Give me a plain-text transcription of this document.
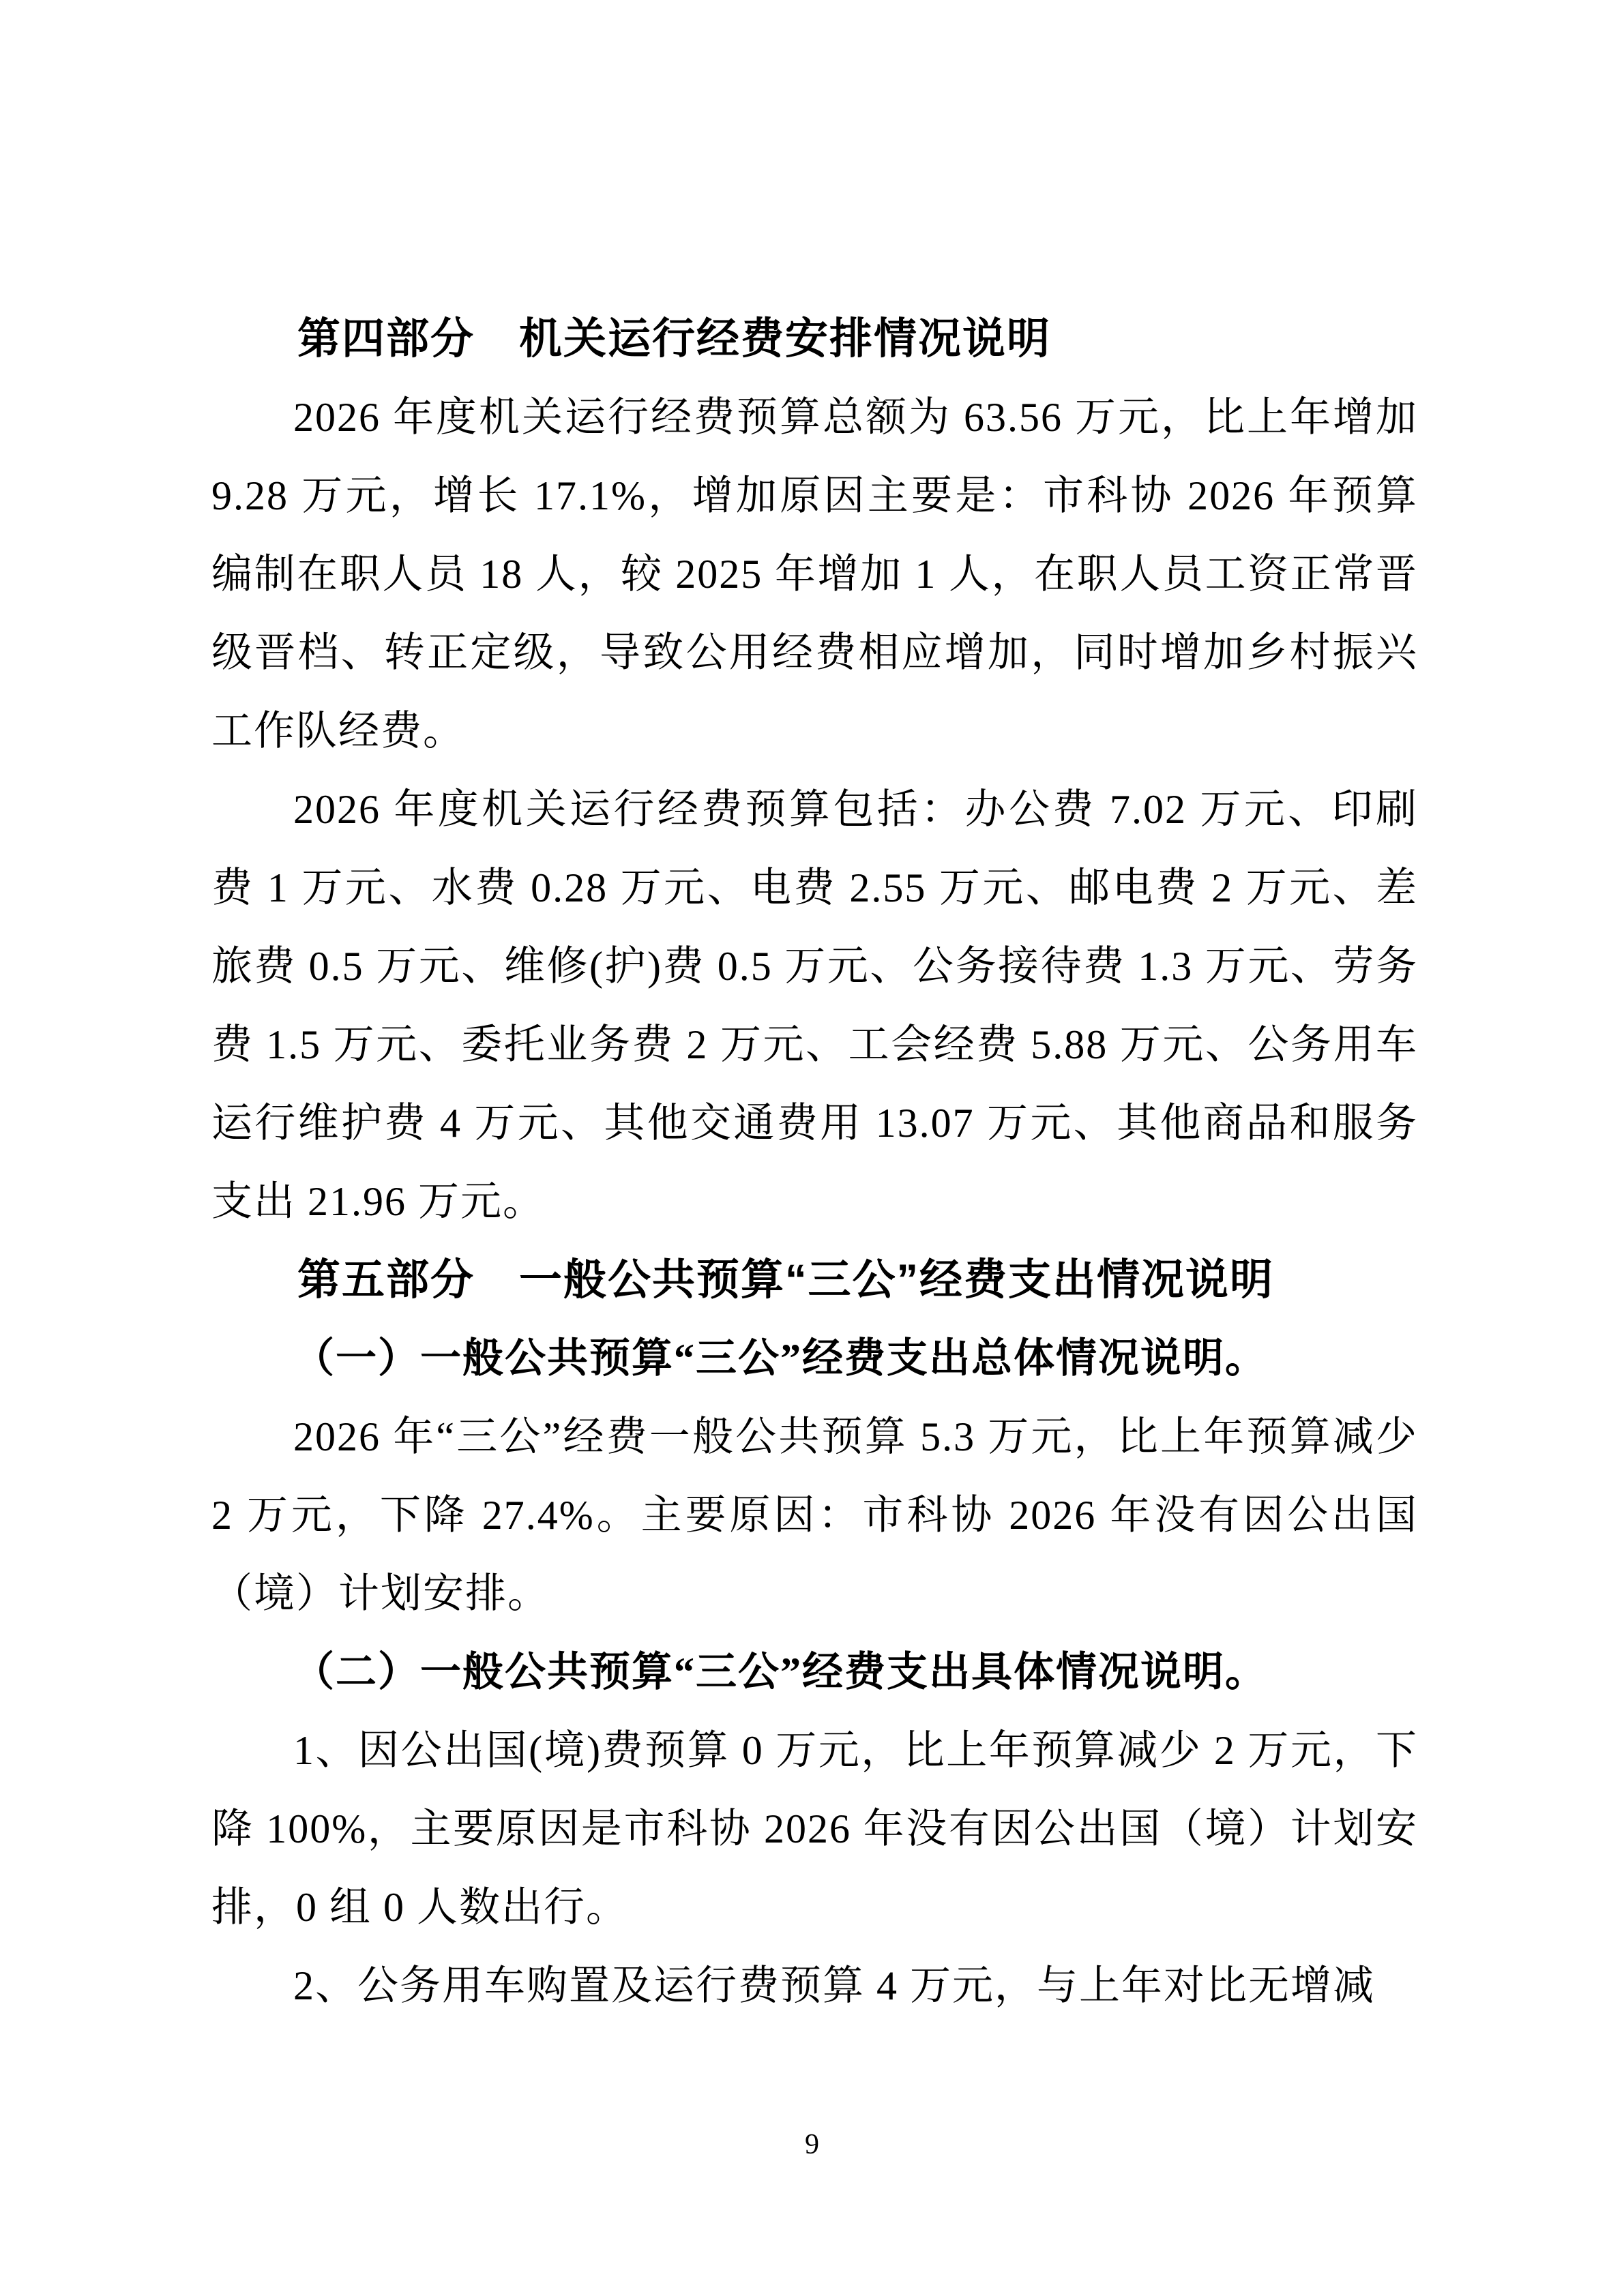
第四部分　机关运行经费安排情况说明

2026 年度机关运行经费预算总额为 63.56 万元，比上年增加 9.28 万元，增长 17.1%，增加原因主要是：市科协 2026 年预算编制在职人员 18 人，较 2025 年增加 1 人，在职人员工资正常晋级晋档、转正定级，导致公用经费相应增加，同时增加乡村振兴工作队经费。

2026 年度机关运行经费预算包括：办公费 7.02 万元、印刷费 1 万元、水费 0.28 万元、电费 2.55 万元、邮电费 2 万元、差旅费 0.5 万元、维修(护)费 0.5 万元、公务接待费 1.3 万元、劳务费 1.5 万元、委托业务费 2 万元、工会经费 5.88 万元、公务用车运行维护费 4 万元、其他交通费用 13.07 万元、其他商品和服务支出 21.96 万元。

第五部分　一般公共预算“三公”经费支出情况说明

（一）一般公共预算“三公”经费支出总体情况说明。

2026 年“三公”经费一般公共预算 5.3 万元，比上年预算减少 2 万元，下降 27.4%。主要原因：市科协 2026 年没有因公出国（境）计划安排。

（二）一般公共预算“三公”经费支出具体情况说明。

1、因公出国(境)费预算 0 万元，比上年预算减少 2 万元，下降 100%，主要原因是市科协 2026 年没有因公出国（境）计划安排，0 组 0 人数出行。

2、公务用车购置及运行费预算 4 万元，与上年对比无增减

9
